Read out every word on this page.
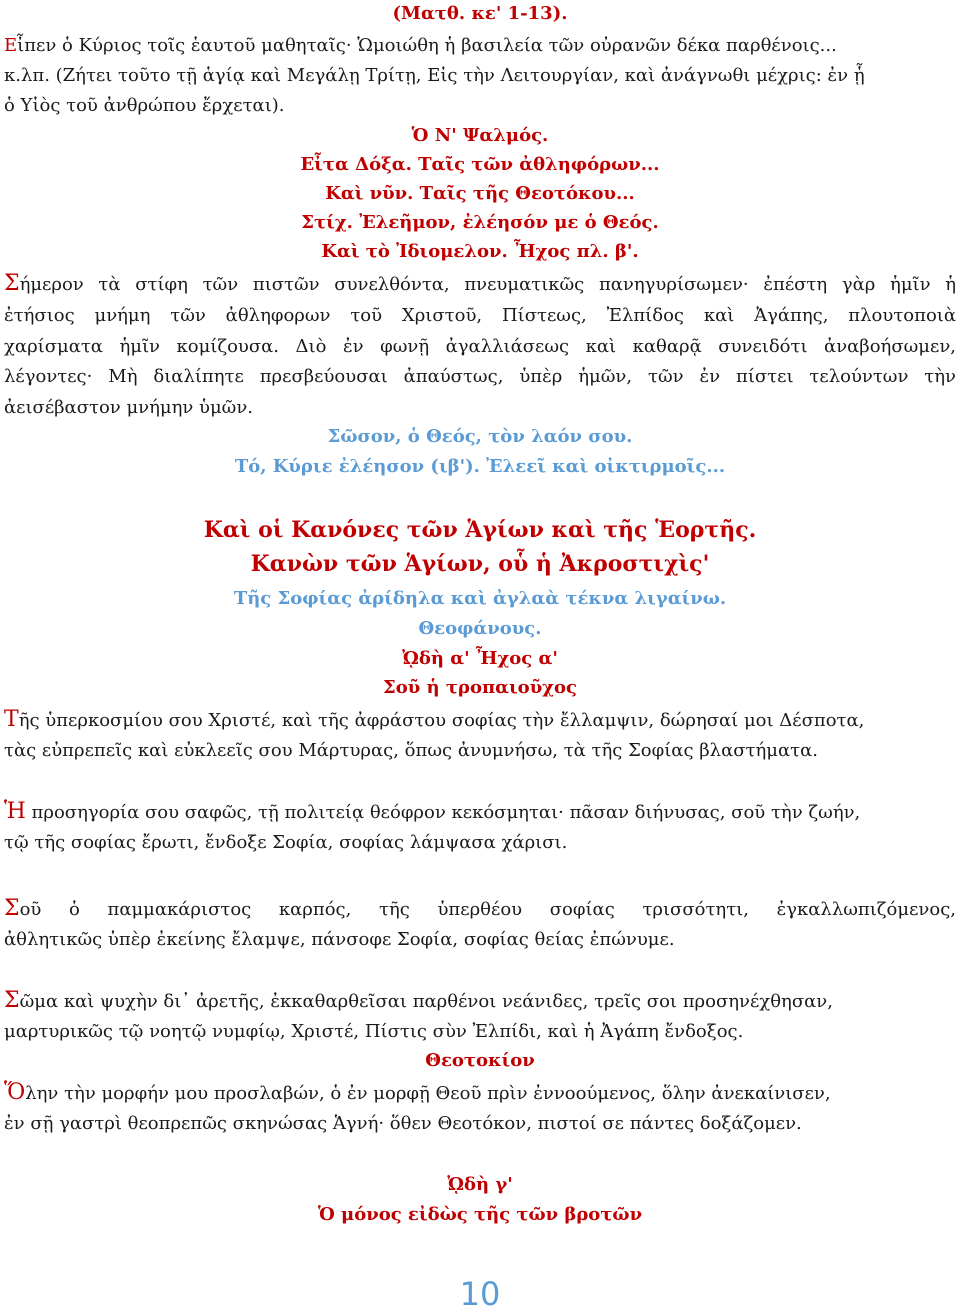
(Ματθ. κε' 1-13).
Εἶπεν ὁ Κύριος τοῖς ἑαυτοῦ μαθηταῖς· Ὡμοιώθη ἡ βασιλεία τῶν οὐρανῶν δέκα παρθένοις...
κ.λπ. (Ζήτει τοῦτο τῇ ἁγίᾳ καὶ Μεγάλῃ Τρίτῃ, Εἰς τὴν Λειτουργίαν, καὶ ἀνάγνωθι μέχρις: ἐν ᾗ
ὁ Υἱὸς τοῦ ἀνθρώπου ἔρχεται).
Ὁ Ν' Ψαλμός.
Εἶτα Δόξα. Ταῖς τῶν ἀθληφόρων...
Καὶ νῦν. Ταῖς τῆς Θεοτόκου...
Στίχ. Ἐλεῆμον, ἐλέησόν με ὁ Θεός.
Καὶ τὸ Ἰδιομελον. Ἦχος πλ. β'.
Σήμερον τὰ στίφη τῶν πιστῶν συνελθόντα, πνευματικῶς πανηγυρίσωμεν· ἐπέστη γὰρ ἡμῖν ἡ
ἐτήσιος μνήμη τῶν ἀθληφορων τοῦ Χριστοῦ, Πίστεως, Ἐλπίδος καὶ Ἀγάπης, πλουτοποιὰ
χαρίσματα ἡμῖν κομίζουσα. Διὸ ἐν φωνῇ ἀγαλλιάσεως καὶ καθαρᾷ συνειδότι ἀναβοήσωμεν,
λέγοντες· Μὴ διαλίπητε πρεσβεύουσαι ἀπαύστως, ὑπὲρ ἡμῶν, τῶν ἐν πίστει τελούντων τὴν
ἀεισέβαστον μνήμην ὑμῶν.
Σῶσον, ὁ Θεός, τὸν λαόν σου.
Τό, Κύριε ἐλέησον (ιβ'). Ἐλεεῖ καὶ οἰκτιρμοῖς...
Καὶ οἱ Κανόνες τῶν Ἁγίων καὶ τῆς Ἑορτῆς.
Κανὼν τῶν Ἁγίων, οὗ ἡ Ἀκροστιχὶς'
Τῆς Σοφίας ἀρίδηλα καὶ ἀγλαὰ τέκνα λιγαίνω.
Θεοφάνους.
ᾨδὴ α' Ἦχος α'
Σοῦ ἡ τροπαιοῦχος
Τῆς ὑπερκοσμίου σου Χριστέ, καὶ τῆς ἀφράστου σοφίας τὴν ἔλλαμψιν, δώρησαί μοι Δέσποτα,
τὰς εὐπρεπεῖς καὶ εὐκλεεῖς σου Μάρτυρας, ὅπως ἀνυμνήσω, τὰ τῆς Σοφίας βλαστήματα.
Ἡ προσηγορία σου σαφῶς, τῇ πολιτείᾳ θεόφρον κεκόσμηται· πᾶσαν διήνυσας, σοῦ τὴν ζωήν,
τῷ τῆς σοφίας ἔρωτι, ἔνδοξε Σοφία, σοφίας λάμψασα χάρισι.
Σοῦ ὁ παμμακάριστος καρπός, τῆς ὑπερθέου σοφίας τρισσότητι, ἐγκαλλωπιζόμενος,
ἀθλητικῶς ὑπὲρ ἐκείνης ἔλαμψε, πάνσοφε Σοφία, σοφίας θείας ἐπώνυμε.
Σῶμα καὶ ψυχὴν δι᾽ ἀρετῆς, ἐκκαθαρθεῖσαι παρθένοι νεάνιδες, τρεῖς σοι προσηνέχθησαν,
μαρτυρικῶς τῷ νοητῷ νυμφίῳ, Χριστέ, Πίστις σὺν Ἐλπίδι, καὶ ἡ Ἀγάπη ἔνδοξος.
Θεοτοκίον
Ὅλην τὴν μορφήν μου προσλαβών, ὁ ἐν μορφῇ Θεοῦ πρὶν ἐννοούμενος, ὅλην ἀνεκαίνισεν,
ἐν σῇ γαστρὶ θεοπρεπῶς σκηνώσας Ἁγνή· ὅθεν Θεοτόκον, πιστοί σε πάντες δοξάζομεν.
ᾨδὴ γ'
Ὁ μόνος εἰδὼς τῆς τῶν βροτῶν
10
